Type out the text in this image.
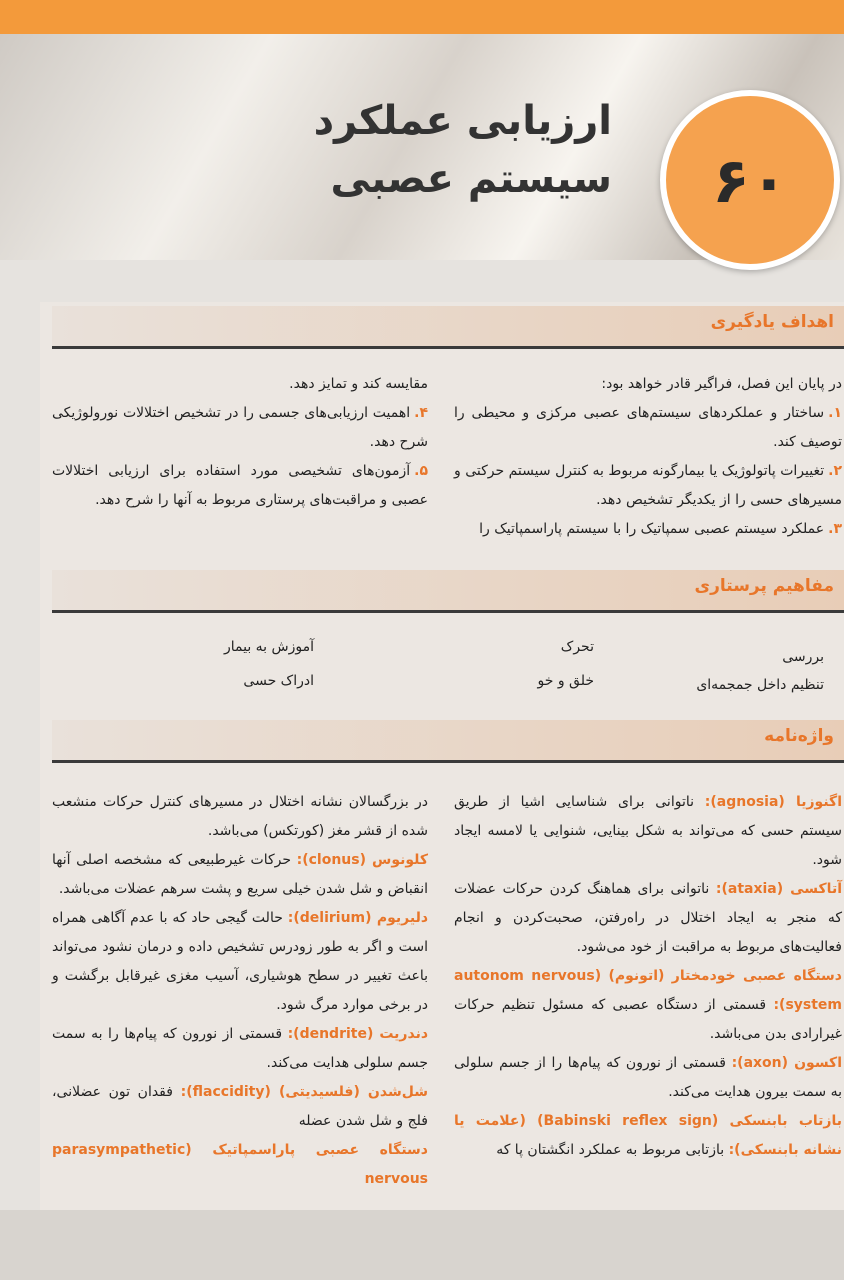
ارزیابی عملکرد
سیستم عصبی	۶۰
اهداف یادگیری

در پایان این فصل، فراگیر قادر خواهد بود:

۱.ساختار و عملکردهای سیستم‌های عصبی مرکزی و محیطی را توصیف کند.

۲.تغییرات پاتولوژیک یا بیمارگونه مربوط به کنترل سیستم حرکتی و مسیرهای حسی را از یکدیگر تشخیص دهد.

۳.عملکرد سیستم عصبی سمپاتیک را با سیستم پاراسمپاتیک را

مقایسه کند و تمایز دهد.

۴.اهمیت ارزیابی‌های جسمی را در تشخیص اختلالات نورولوژیکی شرح دهد.

۵.آزمون‌های تشخیصی مورد استفاده برای ارزیابی اختلالات عصبی و مراقبت‌های پرستاری مربوط به آنها را شرح دهد.

مفاهیم پرستاری
بررسی
تحرک
آموزش به بیمار
تنظیم داخل جمجمه‌ای
خلق و خو
ادراک حسی
واژه‌نامه

اگنوزیا (agnosia): ناتوانی برای شناسایی اشیا از طریق سیستم حسی که می‌تواند به شکل بینایی، شنوایی یا لامسه ایجاد شود.

آتاکسی (ataxia): ناتوانی برای هماهنگ کردن حرکات عضلات که منجر به ایجاد اختلال در راه‌رفتن، صحبت‌کردن و انجام فعالیت‌های مربوط به مراقبت از خود می‌شود.

دستگاه عصبی خودمختار (اتونوم) (autonom nervous system): قسمتی از دستگاه عصبی که مسئول تنظیم حرکات غیرارادی بدن می‌باشد.

اکسون (axon): قسمتی از نورون که پیام‌ها را از جسم سلولی به سمت بیرون هدایت می‌کند.

بازتاب بابنسکی (Babinski reflex sign) (علامت یا نشانه بابنسکی): بازتابی مربوط به عملکرد انگشتان پا که

در بزرگسالان نشانه اختلال در مسیرهای کنترل حرکات منشعب شده از قشر مغز (کورتکس) می‌باشد.

کلونوس (clonus): حرکات غیرطبیعی که مشخصه اصلی آنها انقباض و شل شدن خیلی سریع و پشت سرهم عضلات می‌باشد.

دلیریوم (delirium): حالت گیجی حاد که با عدم آگاهی همراه است و اگر به طور زودرس تشخیص داده و درمان نشود می‌تواند باعث تغییر در سطح هوشیاری، آسیب مغزی غیرقابل برگشت و در برخی موارد مرگ شود.

دندریت (dendrite): قسمتی از نورون که پیام‌ها را به سمت جسم سلولی هدایت می‌کند.

شل‌شدن (فلسیدیتی) (flaccidity): فقدان تون عضلانی، فلج و شل شدن عضله

دستگاه عصبی پاراسمپاتیک (parasympathetic nervous
